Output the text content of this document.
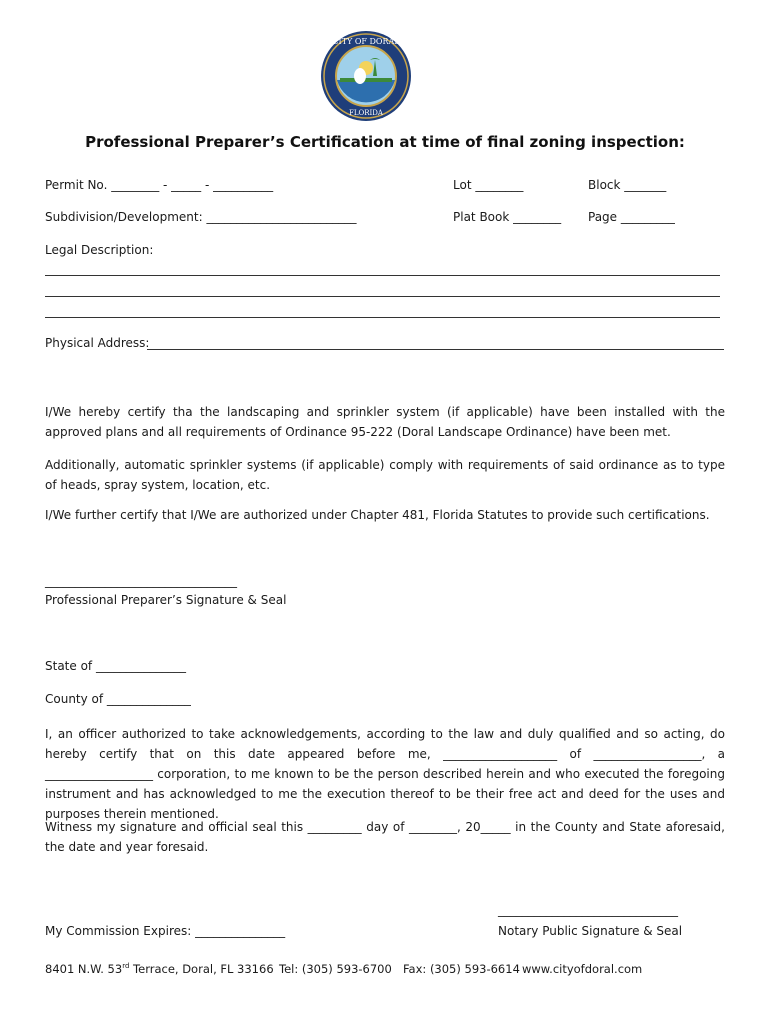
CITY OF DORAL
FLORIDA
Professional Preparer’s Certification at time of final zoning inspection:
Permit No. ________ - _____ - __________	Lot ________	Block _______
Subdivision/Development: _________________________	Plat Book ________ Page _________
Legal Description:
Physical Address:
I/We hereby certify tha the landscaping and sprinkler system (if applicable) have been installed with the approved plans and all requirements of Ordinance 95-222 (Doral Landscape Ordinance) have been met.
Additionally, automatic sprinkler systems (if applicable) comply with requirements of said ordinance as to type of heads, spray system, location, etc.
I/We further certify that I/We are authorized under Chapter 481, Florida Statutes to provide such certifications.
________________________________
Professional Preparer’s Signature & Seal
State of _______________
County of ______________
I, an officer authorized to take acknowledgements, according to the law and duly qualified and so acting, do hereby certify that on this date appeared before me, ___________________ of __________________, a __________________ corporation, to me known to be the person described herein and who executed the foregoing instrument and has acknowledged to me the execution thereof to be their free act and deed for the uses and purposes therein mentioned.
Witness my signature and official seal this _________ day of ________, 20_____ in the County and State aforesaid, the date and year foresaid.
______________________________
My Commission Expires: _______________	Notary Public Signature & Seal
8401 N.W. 53rd Terrace, Doral, FL 33166 Tel: (305) 593-6700 Fax: (305) 593-6614 www.cityofdoral.com
